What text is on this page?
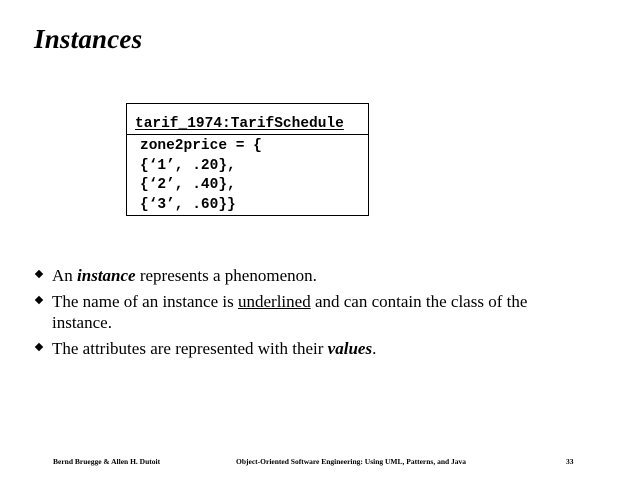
Instances
tarif_1974:TarifSchedule
zone2price = {
{‘1’, .20},
{‘2’, .40},
{‘3’, .60}}
An instance represents a phenomenon.
The name of an instance is underlined and can contain the class of the instance.
The attributes are represented with their values.
Bernd Bruegge & Allen H. Dutoit	Object-Oriented Software Engineering: Using UML, Patterns, and Java	33
